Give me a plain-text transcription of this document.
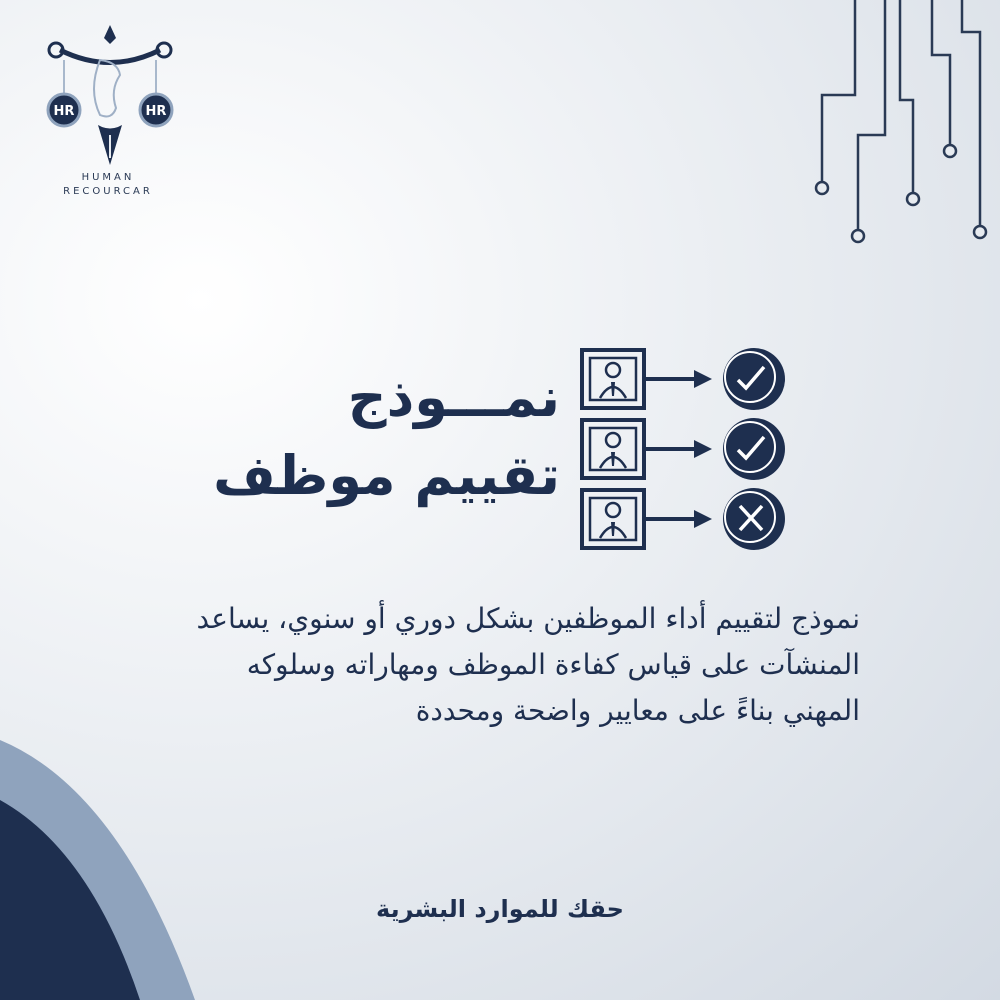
HR	HR
HUMAN
RECOURCAR
نمـــوذج
تقييم موظف
نموذج لتقييم أداء الموظفين بشكل دوري أو سنوي، يساعد
المنشآت على قياس كفاءة الموظف ومهاراته وسلوكه
المهني بناءً على معايير واضحة ومحددة
حقك للموارد البشرية
